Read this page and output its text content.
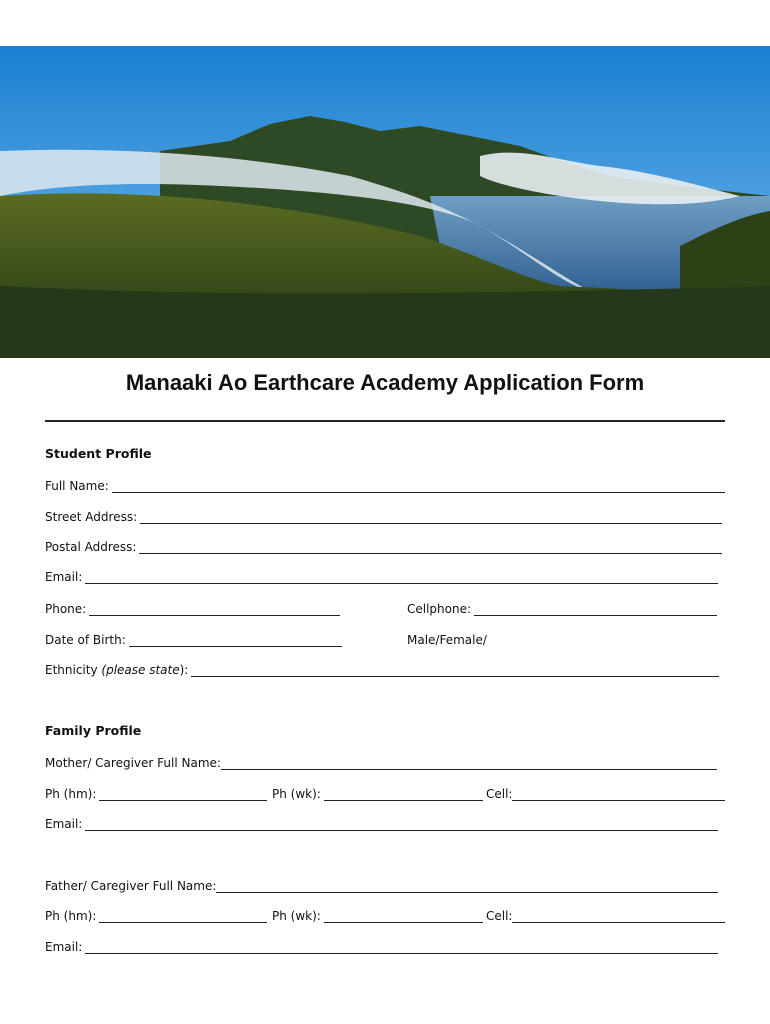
Manaaki Ao Earthcare Academy Application Form
Student Profile
Full Name:
Street Address:
Postal Address:
Email:
Phone:	Cellphone:
Date of Birth:	Male/Female/
Ethnicity (please state):
Family Profile
Mother/ Caregiver Full Name:
Ph (hm):	Ph (wk):	Cell:
Email:
Father/ Caregiver Full Name:
Ph (hm):	Ph (wk):	Cell:
Email:
